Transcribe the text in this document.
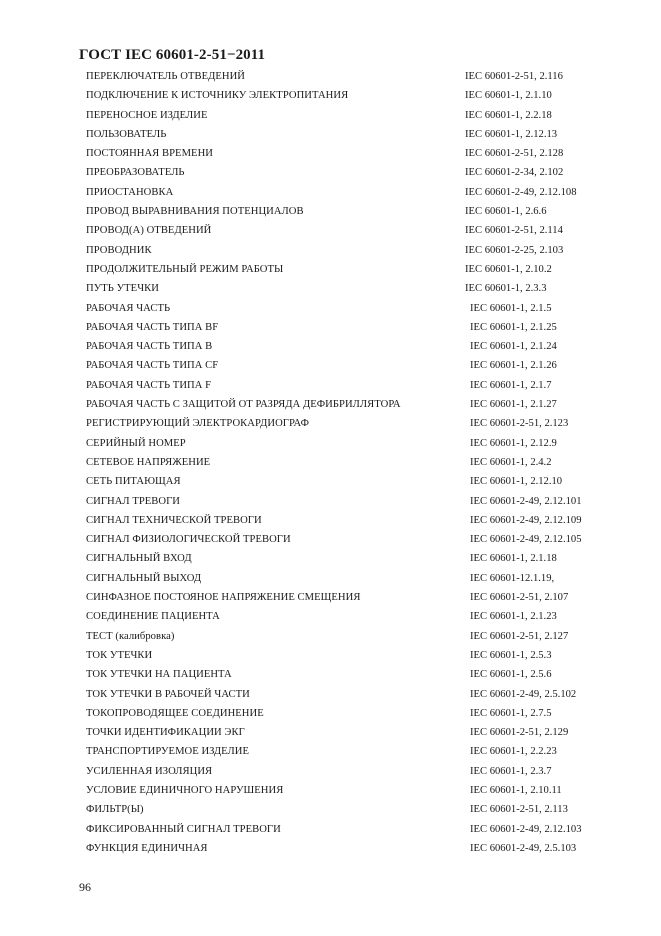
ГОСТ IEC 60601-2-51−2011
ПЕРЕКЛЮЧАТЕЛЬ ОТВЕДЕНИЙ	IEC 60601-2-51, 2.116
ПОДКЛЮЧЕНИЕ К ИСТОЧНИКУ ЭЛЕКТРОПИТАНИЯ	IEC 60601-1, 2.1.10
ПЕРЕНОСНОЕ ИЗДЕЛИЕ	IEC 60601-1, 2.2.18
ПОЛЬЗОВАТЕЛЬ	IEC 60601-1, 2.12.13
ПОСТОЯННАЯ ВРЕМЕНИ	IEC 60601-2-51, 2.128
ПРЕОБРАЗОВАТЕЛЬ	IEC 60601-2-34, 2.102
ПРИОСТАНОВКА	IEC 60601-2-49, 2.12.108
ПРОВОД ВЫРАВНИВАНИЯ ПОТЕНЦИАЛОВ	IEC 60601-1, 2.6.6
ПРОВОД(А) ОТВЕДЕНИЙ	IEC 60601-2-51, 2.114
ПРОВОДНИК	IEC 60601-2-25, 2.103
ПРОДОЛЖИТЕЛЬНЫЙ РЕЖИМ РАБОТЫ	IEC 60601-1, 2.10.2
ПУТЬ УТЕЧКИ	IEC 60601-1, 2.3.3
РАБОЧАЯ ЧАСТЬ	IEC 60601-1, 2.1.5
РАБОЧАЯ ЧАСТЬ ТИПА BF	IEC 60601-1, 2.1.25
РАБОЧАЯ ЧАСТЬ ТИПА B	IEC 60601-1, 2.1.24
РАБОЧАЯ ЧАСТЬ ТИПА CF	IEC 60601-1, 2.1.26
РАБОЧАЯ ЧАСТЬ ТИПА F	IEC 60601-1, 2.1.7
РАБОЧАЯ ЧАСТЬ С ЗАЩИТОЙ ОТ РАЗРЯДА ДЕФИБРИЛЛЯТОРА	IEC 60601-1, 2.1.27
РЕГИСТРИРУЮЩИЙ ЭЛЕКТРОКАРДИОГРАФ	IEC 60601-2-51, 2.123
СЕРИЙНЫЙ НОМЕР	IEC 60601-1, 2.12.9
СЕТЕВОЕ НАПРЯЖЕНИЕ	IEC 60601-1, 2.4.2
СЕТЬ ПИТАЮЩАЯ	IEC 60601-1, 2.12.10
СИГНАЛ ТРЕВОГИ	IEC 60601-2-49, 2.12.101
СИГНАЛ ТЕХНИЧЕСКОЙ ТРЕВОГИ	IEC 60601-2-49, 2.12.109
СИГНАЛ ФИЗИОЛОГИЧЕСКОЙ ТРЕВОГИ	IEC 60601-2-49, 2.12.105
СИГНАЛЬНЫЙ ВХОД	IEC 60601-1, 2.1.18
СИГНАЛЬНЫЙ ВЫХОД	IEC 60601-12.1.19,
СИНФАЗНОЕ ПОСТОЯНОЕ НАПРЯЖЕНИЕ СМЕЩЕНИЯ	IEC 60601-2-51, 2.107
СОЕДИНЕНИЕ ПАЦИЕНТА	IEC 60601-1, 2.1.23
ТЕСТ (калибровка)	IEC 60601-2-51, 2.127
ТОК УТЕЧКИ	IEC 60601-1, 2.5.3
ТОК УТЕЧКИ НА ПАЦИЕНТА	IEC 60601-1, 2.5.6
ТОК УТЕЧКИ В РАБОЧЕЙ ЧАСТИ	IEC 60601-2-49, 2.5.102
ТОКОПРОВОДЯЩЕЕ СОЕДИНЕНИЕ	IEC 60601-1, 2.7.5
ТОЧКИ ИДЕНТИФИКАЦИИ ЭКГ	IEC 60601-2-51, 2.129
ТРАНСПОРТИРУЕМОЕ ИЗДЕЛИЕ	IEC 60601-1, 2.2.23
УСИЛЕННАЯ ИЗОЛЯЦИЯ	IEC 60601-1, 2.3.7
УСЛОВИЕ ЕДИНИЧНОГО НАРУШЕНИЯ	IEC 60601-1, 2.10.11
ФИЛЬТР(Ы)	IEC 60601-2-51, 2.113
ФИКСИРОВАННЫЙ СИГНАЛ ТРЕВОГИ	IEC 60601-2-49, 2.12.103
ФУНКЦИЯ ЕДИНИЧНАЯ	IEC 60601-2-49, 2.5.103
96
